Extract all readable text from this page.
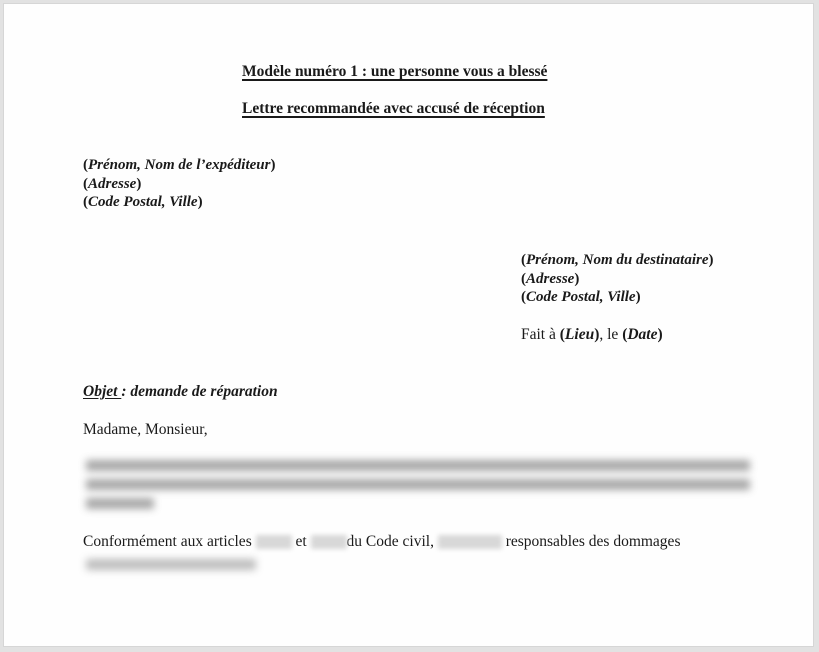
Modèle numéro 1 : une personne vous a blessé
Lettre recommandée avec accusé de réception
(Prénom, Nom de l’expéditeur)
(Adresse)
(Code Postal, Ville)
(Prénom, Nom du destinataire)
(Adresse)
(Code Postal, Ville)
Fait à (Lieu), le (Date)
Objet : demande de réparation
Madame, Monsieur,
Conformément aux articles	et	du Code civil,	responsables des dommages
